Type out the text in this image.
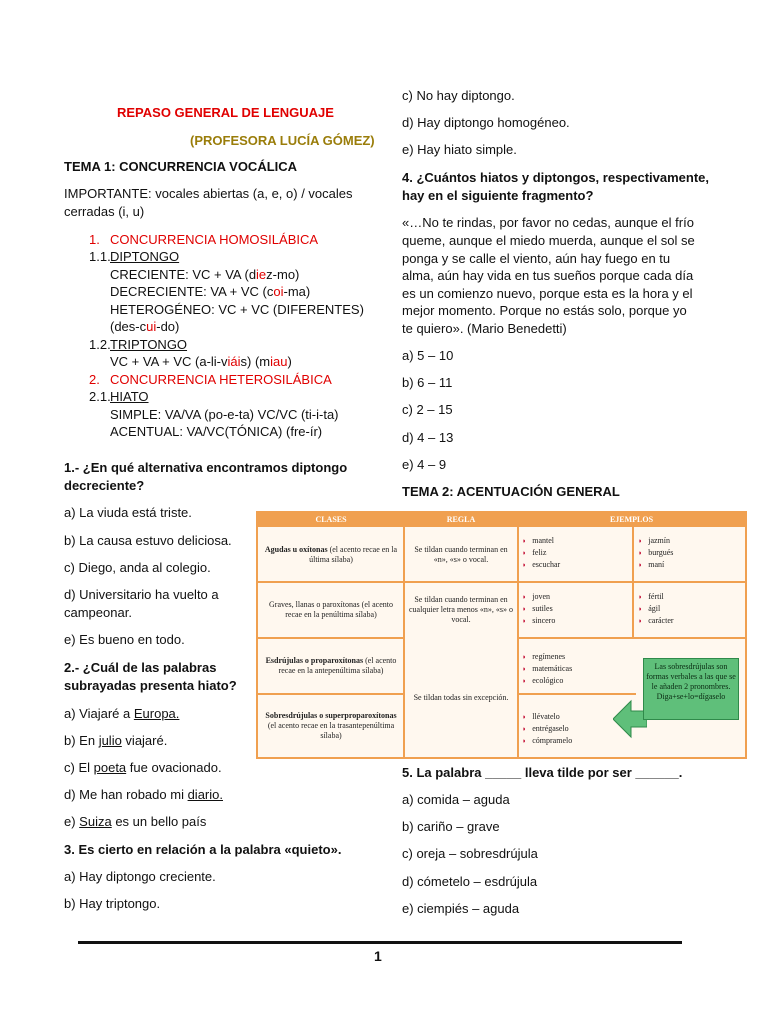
REPASO GENERAL DE LENGUAJE
(PROFESORA LUCÍA GÓMEZ)
TEMA 1: CONCURRENCIA VOCÁLICA
IMPORTANTE: vocales abiertas (a, e, o) / vocales
cerradas (i, u)
1. CONCURRENCIA HOMOSILÁBICA
1.1. DIPTONGO
CRECIENTE: VC + VA (diez-mo)
DECRECIENTE: VA + VC (coi-ma)
HETEROGÉNEO: VC + VC (DIFERENTES)
(des-cui-do)
1.2. TRIPTONGO
VC + VA + VC (a-li-viáis) (miau)
2. CONCURRENCIA HETEROSILÁBICA
2.1. HIATO
SIMPLE: VA/VA (po-e-ta) VC/VC (ti-i-ta)
ACENTUAL: VA/VC(TÓNICA) (fre-ír)
1.- ¿En qué alternativa encontramos diptongo
decreciente?
a) La viuda está triste.
b) La causa estuvo deliciosa.
c) Diego, anda al colegio.
d) Universitario ha vuelto a
campeonar.
e) Es bueno en todo.
2.- ¿Cuál de las palabras
subrayadas presenta hiato?
a) Viajaré a Europa.
b) En julio viajaré.
c) El poeta fue ovacionado.
d) Me han robado mi diario.
e) Suiza es un bello país
3. Es cierto en relación a la palabra «quieto».
a) Hay diptongo creciente.
b) Hay triptongo.
c) No hay diptongo.
d) Hay diptongo homogéneo.
e) Hay hiato simple.
4. ¿Cuántos hiatos y diptongos, respectivamente,
hay en el siguiente fragmento?
«…No te rindas, por favor no cedas, aunque el frío
queme, aunque el miedo muerda, aunque el sol se
ponga y se calle el viento, aún hay fuego en tu
alma, aún hay vida en tus sueños porque cada día
es un comienzo nuevo, porque esta es la hora y el
mejor momento. Porque no estás solo, porque yo
te quiero». (Mario Benedetti)
a) 5 – 10
b) 6 – 11
c) 2 – 15
d) 4 – 13
e) 4 – 9
TEMA 2: ACENTUACIÓN GENERAL
CLASES	REGLA	EJEMPLOS
Agudas u oxítonas (el acento recae en la última sílaba)
Se tildan cuando terminan en «n», «s» o vocal.
◗ mantel
◗ feliz
◗ escuchar
◗ jazmín
◗ burgués
◗ maní
Graves, llanas o paroxítonas (el acento recae en la penúltima sílaba)
Se tildan cuando terminan en cualquier letra menos «n», «s» o vocal.
◗ joven
◗ sutiles
◗ sincero
◗ fértil
◗ ágil
◗ carácter
Esdrújulas o proparoxítonas (el acento recae en la antepenúltima sílaba)
◗ regímenes
◗ matemáticas
◗ ecológico
Sobresdrújulas o superproparoxítonas (el acento recae en la trasantepenúltima sílaba)
Se tildan todas sin excepción.
◗ llévatelo
◗ entrégaselo
◗ cómpramelo
Las sobresdrújulas son formas verbales a las que se le añaden 2 pronombres. Diga+se+lo=dígaselo
5. La palabra _____ lleva tilde por ser ______.
a) comida – aguda
b) cariño – grave
c) oreja – sobresdrújula
d) cómetelo – esdrújula
e) ciempiés – aguda
1
